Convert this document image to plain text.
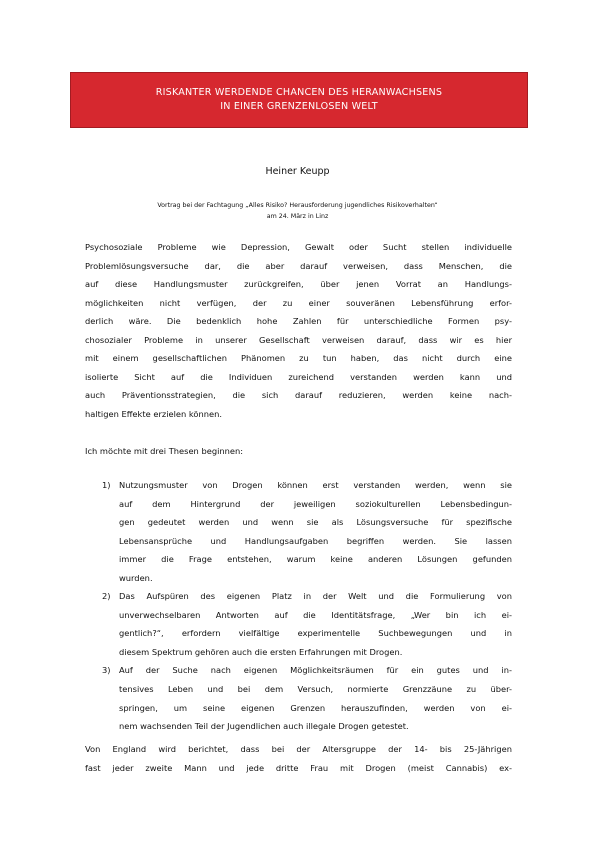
RISKANTER WERDENDE CHANCEN DES HERANWACHSENS
IN EINER GRENZENLOSEN WELT
Heiner Keupp
Vortrag bei der Fachtagung „Alles Risiko? Herausforderung jugendliches Risikoverhalten“
am 24. März in Linz
Psychosoziale Probleme wie Depression, Gewalt oder Sucht stellen individuelle
Problemlösungsversuche dar, die aber darauf verweisen, dass Menschen, die
auf diese Handlungsmuster zurückgreifen, über jenen Vorrat an Handlungs-
möglichkeiten nicht verfügen, der zu einer souveränen Lebensführung erfor-
derlich wäre. Die bedenklich hohe Zahlen für unterschiedliche Formen psy-
chosozialer Probleme in unserer Gesellschaft verweisen darauf, dass wir es hier
mit einem gesellschaftlichen Phänomen zu tun haben, das nicht durch eine
isolierte Sicht auf die Individuen zureichend verstanden werden kann und
auch Präventionsstrategien, die sich darauf reduzieren, werden keine nach-
haltigen Effekte erzielen können.
Ich möchte mit drei Thesen beginnen:
1) Nutzungsmuster von Drogen können erst verstanden werden, wenn sie
auf dem Hintergrund der jeweiligen soziokulturellen Lebensbedingun-
gen gedeutet werden und wenn sie als Lösungsversuche für spezifische
Lebensansprüche und Handlungsaufgaben begriffen werden. Sie lassen
immer die Frage entstehen, warum keine anderen Lösungen gefunden
wurden.
2) Das Aufspüren des eigenen Platz in der Welt und die Formulierung von
unverwechselbaren Antworten auf die Identitätsfrage, „Wer bin ich ei-
gentlich?“, erfordern vielfältige experimentelle Suchbewegungen und in
diesem Spektrum gehören auch die ersten Erfahrungen mit Drogen.
3) Auf der Suche nach eigenen Möglichkeitsräumen für ein gutes und in-
tensives Leben und bei dem Versuch, normierte Grenzzäune zu über-
springen, um seine eigenen Grenzen herauszufinden, werden von ei-
nem wachsenden Teil der Jugendlichen auch illegale Drogen getestet.
Von England wird berichtet, dass bei der Altersgruppe der 14- bis 25-Jährigen
fast jeder zweite Mann und jede dritte Frau mit Drogen (meist Cannabis) ex-
